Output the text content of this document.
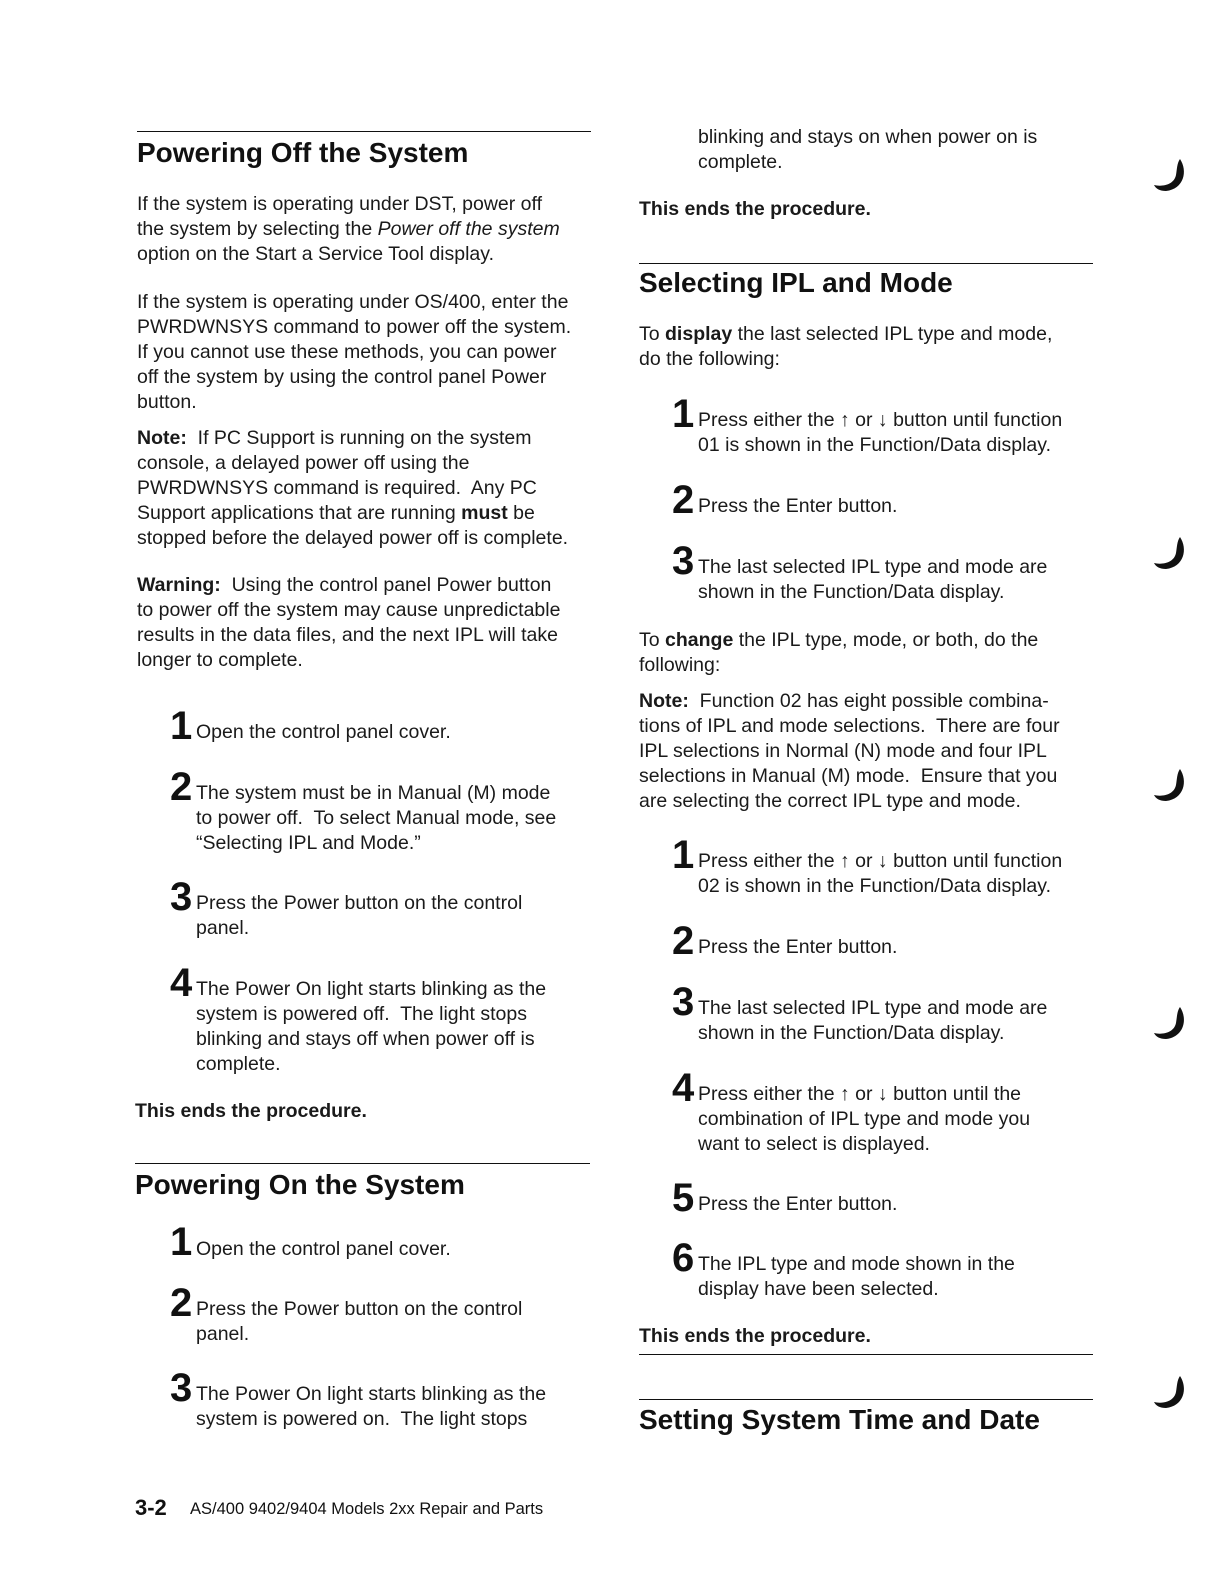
Powering Off the System

If the system is operating under DST, power off
the system by selecting the Power off the system
option on the Start a Service Tool display.

If the system is operating under OS/400, enter the
PWRDWNSYS command to power off the system.
If you cannot use these methods, you can power
off the system by using the control panel Power
button.

Note:  If PC Support is running on the system
console, a delayed power off using the
PWRDWNSYS command is required.  Any PC
Support applications that are running must be
stopped before the delayed power off is complete.

Warning:  Using the control panel Power button
to power off the system may cause unpredictable
results in the data files, and the next IPL will take
longer to complete.

1 Open the control panel cover.

2 The system must be in Manual (M) mode
to power off.  To select Manual mode, see
“Selecting IPL and Mode.”

3 Press the Power button on the control
panel.

4 The Power On light starts blinking as the
system is powered off.  The light stops
blinking and stays off when power off is
complete.

This ends the procedure.

Powering On the System
1 Open the control panel cover.

2 Press the Power button on the control
panel.

3 The Power On light starts blinking as the
system is powered on.  The light stops

blinking and stays on when power on is
complete.

This ends the procedure.

Selecting IPL and Mode

To display the last selected IPL type and mode,
do the following:

1 Press either the ↑ or ↓ button until function
01 is shown in the Function/Data display.

2 Press the Enter button.

3 The last selected IPL type and mode are
shown in the Function/Data display.

To change the IPL type, mode, or both, do the
following:

Note:  Function 02 has eight possible combina-
tions of IPL and mode selections.  There are four
IPL selections in Normal (N) mode and four IPL
selections in Manual (M) mode.  Ensure that you
are selecting the correct IPL type and mode.

1 Press either the ↑ or ↓ button until function
02 is shown in the Function/Data display.

2 Press the Enter button.

3 The last selected IPL type and mode are
shown in the Function/Data display.

4 Press either the ↑ or ↓ button until the
combination of IPL type and mode you
want to select is displayed.

5 Press the Enter button.

6 The IPL type and mode shown in the
display have been selected.

This ends the procedure.

Setting System Time and Date
3-2 AS/400 9402/9404 Models 2xx Repair and Parts
